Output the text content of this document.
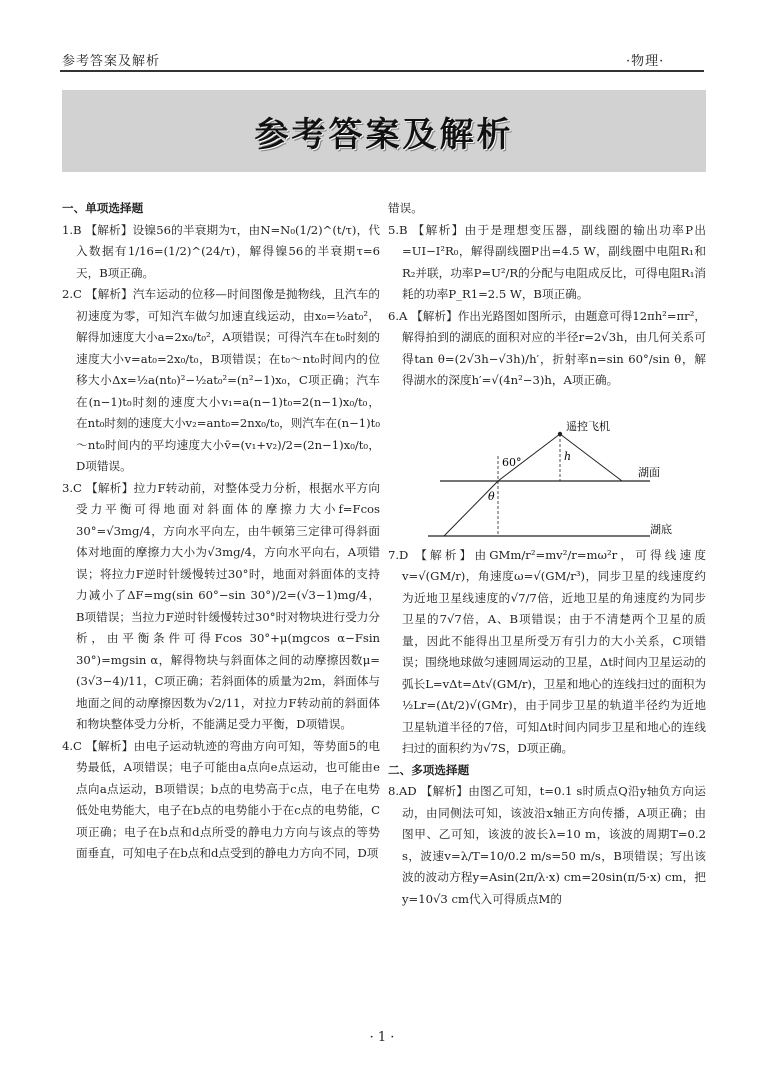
参考答案及解析	·物理·
参考答案及解析

一、单项选择题

1.B 【解析】设镍56的半衰期为τ，由N=N₀(1/2)^(t/τ)，代入数据有1/16=(1/2)^(24/τ)，解得镍56的半衰期τ=6天，B项正确。

2.C 【解析】汽车运动的位移—时间图像是抛物线，且汽车的初速度为零，可知汽车做匀加速直线运动，由x₀=½at₀²，解得加速度大小a=2x₀/t₀²，A项错误；可得汽车在t₀时刻的速度大小v=at₀=2x₀/t₀，B项错误；在t₀～nt₀时间内的位移大小Δx=½a(nt₀)²−½at₀²=(n²−1)x₀，C项正确；汽车在(n−1)t₀时刻的速度大小v₁=a(n−1)t₀=2(n−1)x₀/t₀，在nt₀时刻的速度大小v₂=ant₀=2nx₀/t₀，则汽车在(n−1)t₀～nt₀时间内的平均速度大小v̄=(v₁+v₂)/2=(2n−1)x₀/t₀，D项错误。

3.C 【解析】拉力F转动前，对整体受力分析，根据水平方向受力平衡可得地面对斜面体的摩擦力大小f=Fcos 30°=√3mg/4，方向水平向左，由牛顿第三定律可得斜面体对地面的摩擦力大小为√3mg/4，方向水平向右，A项错误；将拉力F逆时针缓慢转过30°时，地面对斜面体的支持力减小了ΔF=mg(sin 60°−sin 30°)/2=(√3−1)mg/4，B项错误；当拉力F逆时针缓慢转过30°时对物块进行受力分析，由平衡条件可得Fcos 30°+μ(mgcos α−Fsin 30°)=mgsin α，解得物块与斜面体之间的动摩擦因数μ=(3√3−4)/11，C项正确；若斜面体的质量为2m，斜面体与地面之间的动摩擦因数为√2/11，对拉力F转动前的斜面体和物块整体受力分析，不能满足受力平衡，D项错误。

4.C 【解析】由电子运动轨迹的弯曲方向可知，等势面5的电势最低，A项错误；电子可能由a点向e点运动，也可能由e点向a点运动，B项错误；b点的电势高于c点，电子在电势低处电势能大，电子在b点的电势能小于在c点的电势能，C项正确；电子在b点和d点所受的静电力方向与该点的等势面垂直，可知电子在b点和d点受到的静电力方向不同，D项

错误。

5.B 【解析】由于是理想变压器，副线圈的输出功率P出=UI−I²R₀，解得副线圈P出=4.5 W，副线圈中电阻R₁和R₂并联，功率P=U²/R的分配与电阻成反比，可得电阻R₁消耗的功率P_R1=2.5 W，B项正确。

6.A 【解析】作出光路图如图所示，由题意可得12πh²=πr²，解得拍到的湖底的面积对应的半径r=2√3h，由几何关系可得tan θ=(2√3h−√3h)/h′，折射率n=sin 60°/sin θ，解得湖水的深度h′=√(4n²−3)h，A项正确。

遥控飞机
湖面
湖底
60°
θ
h

7.D 【解析】由GMm/r²=mv²/r=mω²r，可得线速度v=√(GM/r)，角速度ω=√(GM/r³)，同步卫星的线速度约为近地卫星线速度的√7/7倍，近地卫星的角速度约为同步卫星的7√7倍，A、B项错误；由于不清楚两个卫星的质量，因此不能得出卫星所受万有引力的大小关系，C项错误；围绕地球做匀速圆周运动的卫星，Δt时间内卫星运动的弧长L=vΔt=Δt√(GM/r)，卫星和地心的连线扫过的面积为½Lr=(Δt/2)√(GMr)，由于同步卫星的轨道半径约为近地卫星轨道半径的7倍，可知Δt时间内同步卫星和地心的连线扫过的面积约为√7S，D项正确。

二、多项选择题

8.AD 【解析】由图乙可知，t=0.1 s时质点Q沿y轴负方向运动，由同侧法可知，该波沿x轴正方向传播，A项正确；由图甲、乙可知，该波的波长λ=10 m，该波的周期T=0.2 s，波速v=λ/T=10/0.2 m/s=50 m/s，B项错误；写出该波的波动方程y=Asin(2π/λ·x) cm=20sin(π/5·x) cm，把y=10√3 cm代入可得质点M的

· 1 ·
